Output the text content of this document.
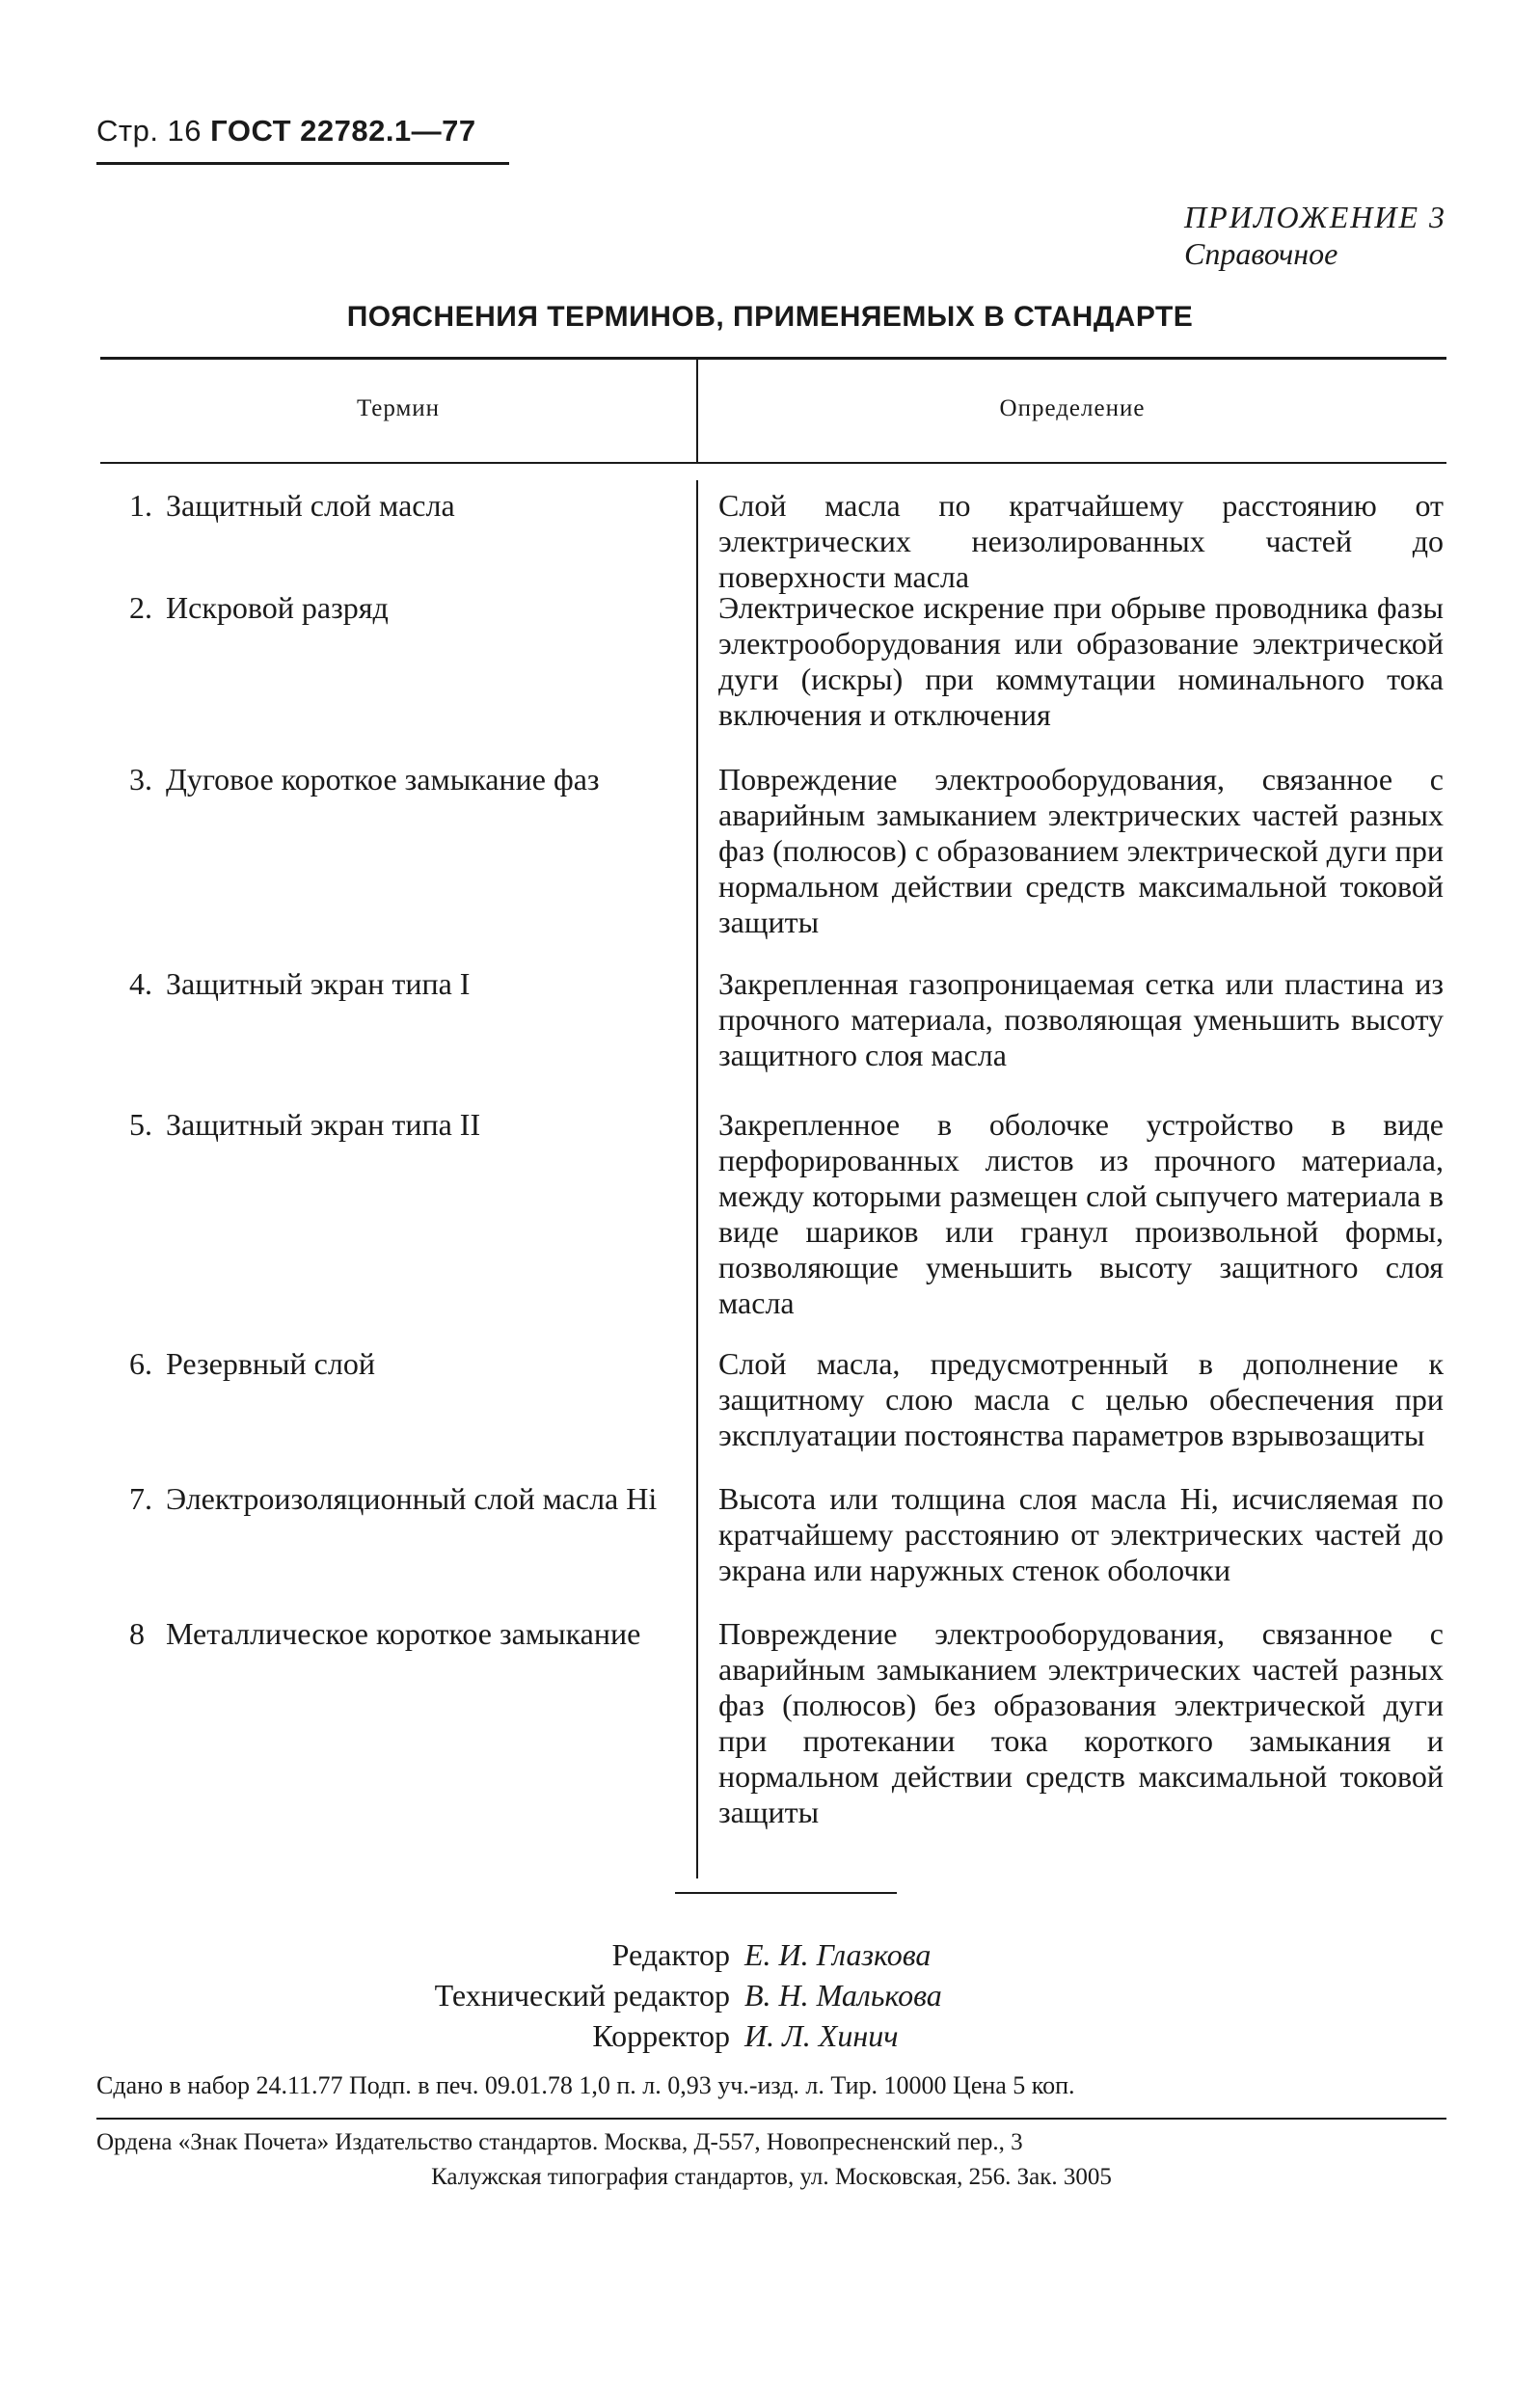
Стр. 16 ГОСТ 22782.1—77
ПРИЛОЖЕНИЕ 3
Справочное
ПОЯСНЕНИЯ ТЕРМИНОВ, ПРИМЕНЯЕМЫХ В СТАНДАРТЕ
Термин	Определение
1. Защитный слой масла	Слой масла по кратчайшему расстоянию от электрических неизолированных частей до поверхности масла
2. Искровой разряд	Электрическое искрение при обрыве проводника фазы электрооборудования или образование электрической дуги (искры) при коммутации номинального тока включения и отключения
3. Дуговое короткое замыкание фаз	Повреждение электрооборудования, связанное с аварийным замыканием электрических частей разных фаз (полюсов) с образованием электрической дуги при нормальном действии средств максимальной токовой защиты
4. Защитный экран типа I	Закрепленная газопроницаемая сетка или пластина из прочного материала, позволяющая уменьшить высоту защитного слоя масла
5. Защитный экран типа II	Закрепленное в оболочке устройство в виде перфорированных листов из прочного материала, между которыми размещен слой сыпучего материала в виде шариков или гранул произвольной формы, позволяющие уменьшить высоту защитного слоя масла
6. Резервный слой	Слой масла, предусмотренный в дополнение к защитному слою масла с целью обеспечения при эксплуатации постоянства параметров взрывозащиты
7. Электроизоляционный слой масла Hi	Высота или толщина слоя масла Hi, исчисляемая по кратчайшему расстоянию от электрических частей до экрана или наружных стенок оболочки
8 Металлическое короткое замыкание	Повреждение электрооборудования, связанное с аварийным замыканием электрических частей разных фаз (полюсов) без образования электрической дуги при протекании тока короткого замыкания и нормальном действии средств максимальной токовой защиты
Редактор Е. И. Глазкова
Технический редактор В. Н. Малькова
Корректор И. Л. Хинич
Сдано в набор 24.11.77 Подп. в печ. 09.01.78 1,0 п. л. 0,93 уч.-изд. л. Тир. 10000 Цена 5 коп.
Ордена «Знак Почета» Издательство стандартов. Москва, Д-557, Новопресненский пер., 3
Калужская типография стандартов, ул. Московская, 256. Зак. 3005
